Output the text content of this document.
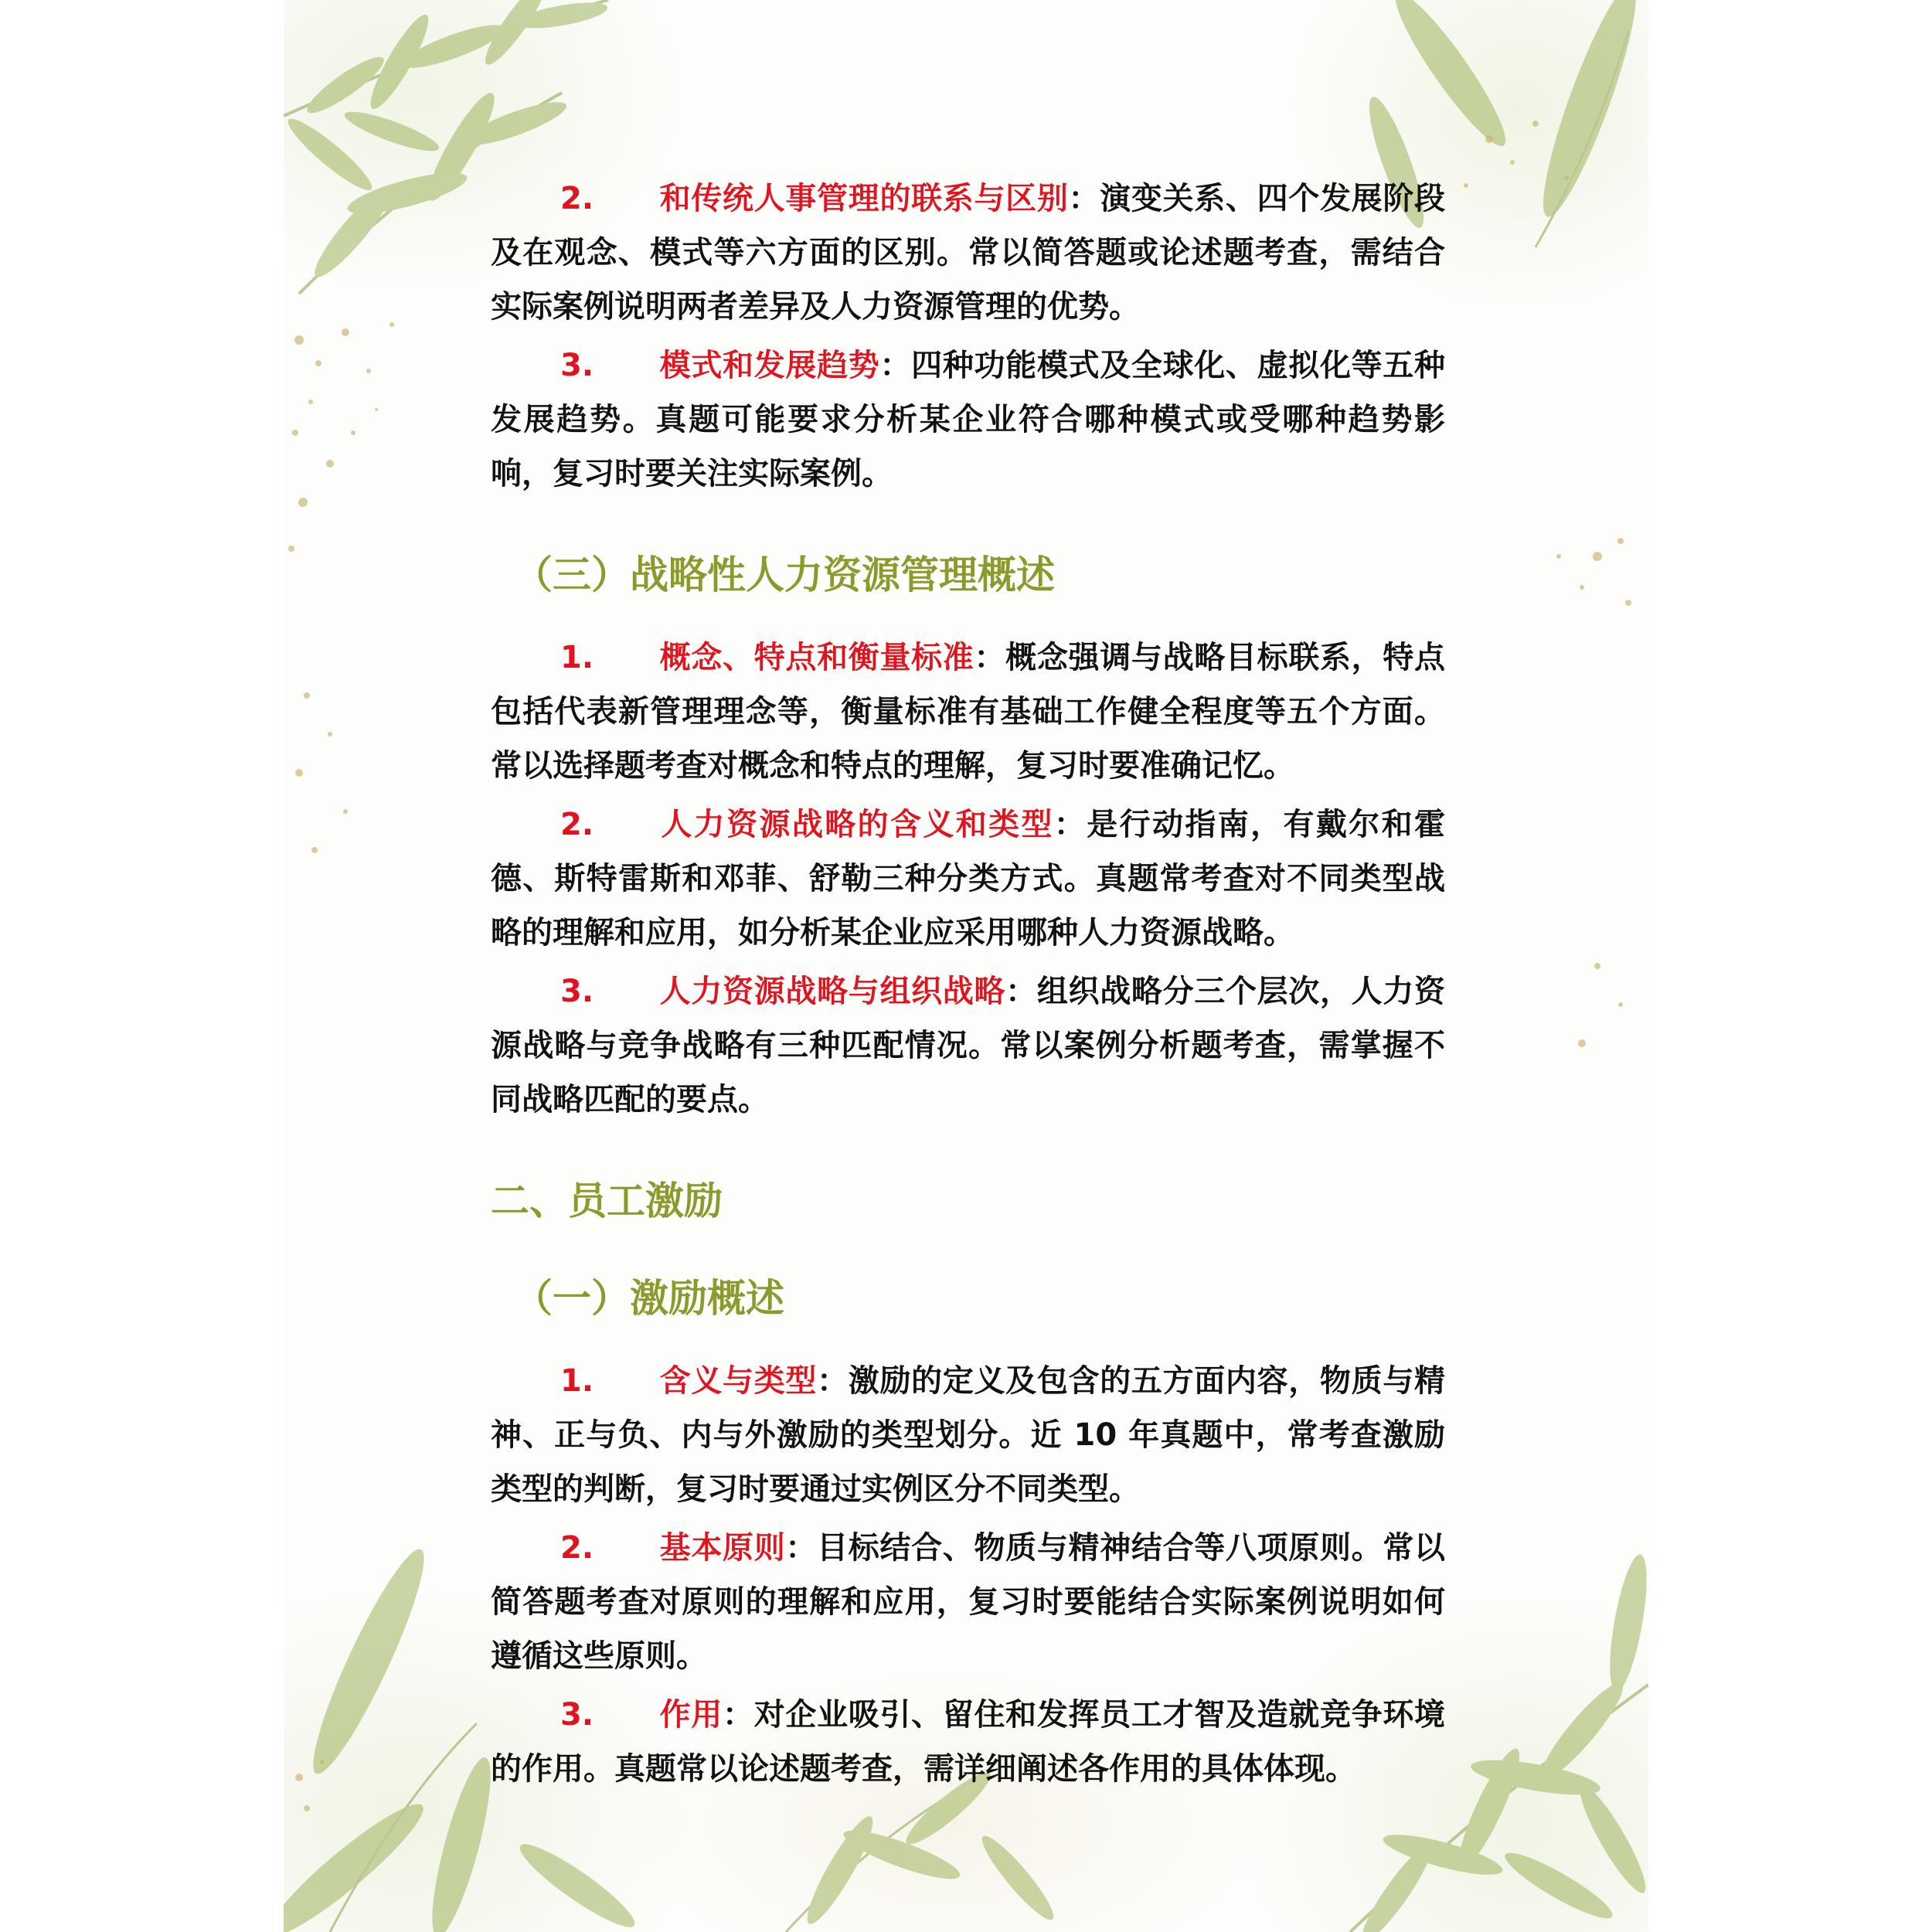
2. 和传统人事管理的联系与区别：演变关系、四个发展阶段及在观念、模式等六方面的区别。常以简答题或论述题考查，需结合实际案例说明两者差异及人力资源管理的优势。

3. 模式和发展趋势：四种功能模式及全球化、虚拟化等五种发展趋势。真题可能要求分析某企业符合哪种模式或受哪种趋势影响，复习时要关注实际案例。

（三）战略性人力资源管理概述

1. 概念、特点和衡量标准：概念强调与战略目标联系，特点包括代表新管理理念等，衡量标准有基础工作健全程度等五个方面。常以选择题考查对概念和特点的理解，复习时要准确记忆。

2. 人力资源战略的含义和类型：是行动指南，有戴尔和霍德、斯特雷斯和邓菲、舒勒三种分类方式。真题常考查对不同类型战略的理解和应用，如分析某企业应采用哪种人力资源战略。

3. 人力资源战略与组织战略：组织战略分三个层次，人力资源战略与竞争战略有三种匹配情况。常以案例分析题考查，需掌握不同战略匹配的要点。

二、员工激励
（一）激励概述

1. 含义与类型：激励的定义及包含的五方面内容，物质与精神、正与负、内与外激励的类型划分。近 10 年真题中，常考查激励类型的判断，复习时要通过实例区分不同类型。

2. 基本原则：目标结合、物质与精神结合等八项原则。常以简答题考查对原则的理解和应用，复习时要能结合实际案例说明如何遵循这些原则。

3. 作用：对企业吸引、留住和发挥员工才智及造就竞争环境的作用。真题常以论述题考查，需详细阐述各作用的具体体现。
